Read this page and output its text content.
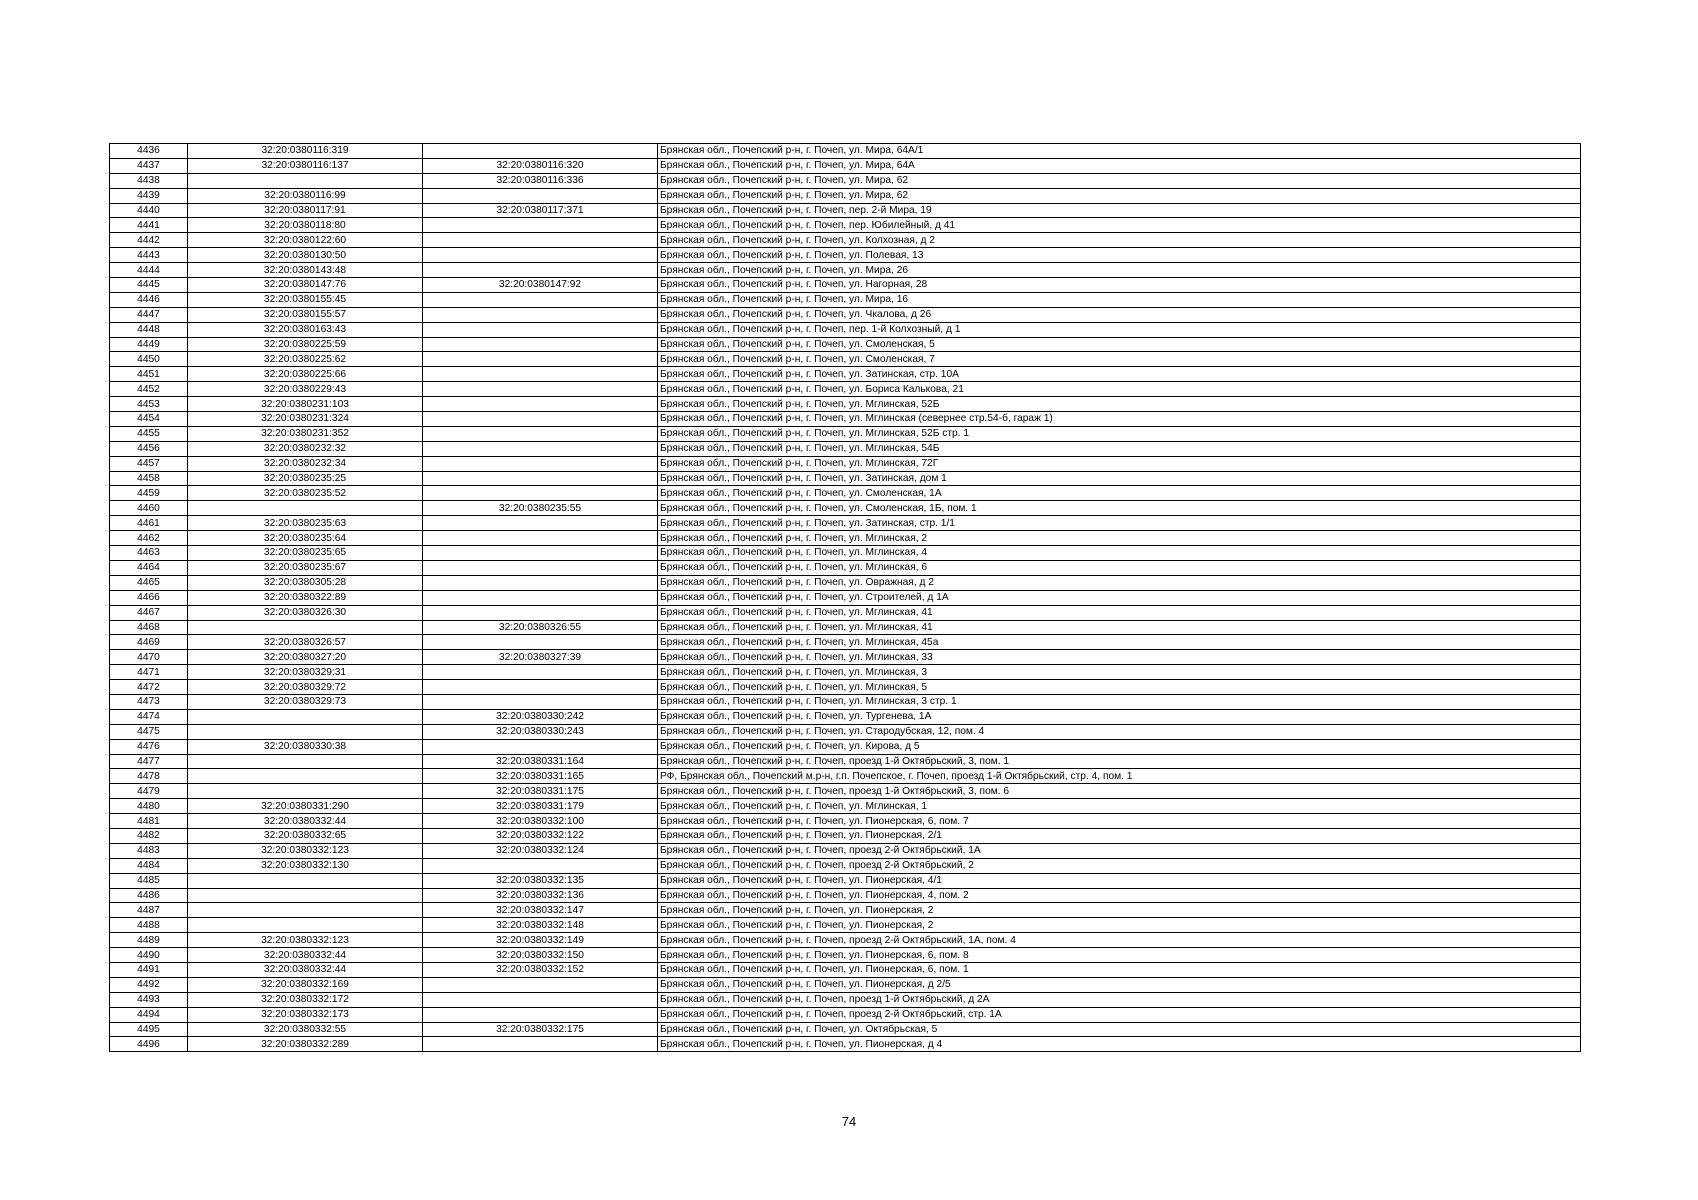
4436	32:20:0380116:319		Брянская обл., Почепский р-н, г. Почеп, ул. Мира, 64А/1
4437	32:20:0380116:137	32:20:0380116:320	Брянская обл., Почепский р-н, г. Почеп, ул. Мира, 64А
4438		32:20:0380116:336	Брянская обл., Почепский р-н, г. Почеп, ул. Мира, 62
4439	32:20:0380116:99		Брянская обл., Почепский р-н, г. Почеп, ул. Мира, 62
4440	32:20:0380117:91	32:20:0380117:371	Брянская обл., Почепский р-н, г. Почеп, пер. 2-й Мира, 19
4441	32:20:0380118:80		Брянская обл., Почепский р-н, г. Почеп, пер. Юбилейный, д 41
4442	32:20:0380122:60		Брянская обл., Почепский р-н, г. Почеп, ул. Колхозная, д 2
4443	32:20:0380130:50		Брянская обл., Почепский р-н, г. Почеп, ул. Полевая, 13
4444	32:20:0380143:48		Брянская обл., Почепский р-н, г. Почеп, ул. Мира, 26
4445	32:20:0380147:76	32:20:0380147:92	Брянская обл., Почепский р-н, г. Почеп, ул. Нагорная, 28
4446	32:20:0380155:45		Брянская обл., Почепский р-н, г. Почеп, ул. Мира, 16
4447	32:20:0380155:57		Брянская обл., Почепский р-н, г. Почеп, ул. Чкалова, д 26
4448	32:20:0380163:43		Брянская обл., Почепский р-н, г. Почеп, пер. 1-й Колхозный, д 1
4449	32:20:0380225:59		Брянская обл., Почепский р-н, г. Почеп, ул. Смоленская, 5
4450	32:20:0380225:62		Брянская обл., Почепский р-н, г. Почеп, ул. Смоленская, 7
4451	32:20:0380225:66		Брянская обл., Почепский р-н, г. Почеп, ул. Затинская, стр. 10А
4452	32:20:0380229:43		Брянская обл., Почепский р-н, г. Почеп, ул. Бориса Калькова, 21
4453	32:20:0380231:103		Брянская обл., Почепский р-н, г. Почеп, ул. Мглинская, 52Б
4454	32:20:0380231:324		Брянская обл., Почепский р-н, г. Почеп, ул. Мглинская (севернее стр.54-б, гараж 1)
4455	32:20:0380231:352		Брянская обл., Почепский р-н, г. Почеп, ул. Мглинская, 52Б стр. 1
4456	32:20:0380232:32		Брянская обл., Почепский р-н, г. Почеп, ул. Мглинская, 54Б
4457	32:20:0380232:34		Брянская обл., Почепский р-н, г. Почеп, ул. Мглинская, 72Г
4458	32:20:0380235:25		Брянская обл., Почепский р-н, г. Почеп, ул. Затинская, дом 1
4459	32:20:0380235:52		Брянская обл., Почепский р-н, г. Почеп, ул. Смоленская, 1А
4460		32:20:0380235:55	Брянская обл., Почепский р-н, г. Почеп, ул. Смоленская, 1Б, пом. 1
4461	32:20:0380235:63		Брянская обл., Почепский р-н, г. Почеп, ул. Затинская, стр. 1/1
4462	32:20:0380235:64		Брянская обл., Почепский р-н, г. Почеп, ул. Мглинская, 2
4463	32:20:0380235:65		Брянская обл., Почепский р-н, г. Почеп, ул. Мглинская, 4
4464	32:20:0380235:67		Брянская обл., Почепский р-н, г. Почеп, ул. Мглинская, 6
4465	32:20:0380305:28		Брянская обл., Почепский р-н, г. Почеп, ул. Овражная, д 2
4466	32:20:0380322:89		Брянская обл., Почепский р-н, г. Почеп, ул. Строителей, д 1А
4467	32:20:0380326:30		Брянская обл., Почепский р-н, г. Почеп, ул. Мглинская, 41
4468		32:20:0380326:55	Брянская обл., Почепский р-н, г. Почеп, ул. Мглинская, 41
4469	32:20:0380326:57		Брянская обл., Почепский р-н, г. Почеп, ул. Мглинская, 45а
4470	32:20:0380327:20	32:20:0380327:39	Брянская обл., Почепский р-н, г. Почеп, ул. Мглинская, 33
4471	32:20:0380329:31		Брянская обл., Почепский р-н, г. Почеп, ул. Мглинская, 3
4472	32:20:0380329:72		Брянская обл., Почепский р-н, г. Почеп, ул. Мглинская, 5
4473	32:20:0380329:73		Брянская обл., Почепский р-н, г. Почеп, ул. Мглинская, 3 стр. 1
4474		32:20:0380330:242	Брянская обл., Почепский р-н, г. Почеп, ул. Тургенева, 1А
4475		32:20:0380330:243	Брянская обл., Почепский р-н, г. Почеп, ул. Стародубская, 12, пом. 4
4476	32:20:0380330:38		Брянская обл., Почепский р-н, г. Почеп, ул. Кирова, д 5
4477		32:20:0380331:164	Брянская обл., Почепский р-н, г. Почеп, проезд 1-й Октябрьский, 3, пом. 1
4478		32:20:0380331:165	РФ, Брянская обл., Почепский м.р-н, г.п. Почепское, г. Почеп, проезд 1-й Октябрьский, стр. 4, пом. 1
4479		32:20:0380331:175	Брянская обл., Почепский р-н, г. Почеп, проезд 1-й Октябрьский, 3, пом. 6
4480	32:20:0380331:290	32:20:0380331:179	Брянская обл., Почепский р-н, г. Почеп, ул. Мглинская, 1
4481	32:20:0380332:44	32:20:0380332:100	Брянская обл., Почепский р-н, г. Почеп, ул. Пионерская, 6, пом. 7
4482	32:20:0380332:65	32:20:0380332:122	Брянская обл., Почепский р-н, г. Почеп, ул. Пионерская, 2/1
4483	32:20:0380332:123	32:20:0380332:124	Брянская обл., Почепский р-н, г. Почеп, проезд 2-й Октябрьский, 1А
4484	32:20:0380332:130		Брянская обл., Почепский р-н, г. Почеп, проезд 2-й Октябрьский, 2
4485		32:20:0380332:135	Брянская обл., Почепский р-н, г. Почеп, ул. Пионерская, 4/1
4486		32:20:0380332:136	Брянская обл., Почепский р-н, г. Почеп, ул. Пионерская, 4, пом. 2
4487		32:20:0380332:147	Брянская обл., Почепский р-н, г. Почеп, ул. Пионерская, 2
4488		32:20:0380332:148	Брянская обл., Почепский р-н, г. Почеп, ул. Пионерская, 2
4489	32:20:0380332:123	32:20:0380332:149	Брянская обл., Почепский р-н, г. Почеп, проезд 2-й Октябрьский, 1А, пом. 4
4490	32:20:0380332:44	32:20:0380332:150	Брянская обл., Почепский р-н, г. Почеп, ул. Пионерская, 6, пом. 8
4491	32:20:0380332:44	32:20:0380332:152	Брянская обл., Почепский р-н, г. Почеп, ул. Пионерская, 6, пом. 1
4492	32:20:0380332:169		Брянская обл., Почепский р-н, г. Почеп, ул. Пионерская, д 2/5
4493	32:20:0380332:172		Брянская обл., Почепский р-н, г. Почеп, проезд 1-й Октябрьский, д 2А
4494	32:20:0380332:173		Брянская обл., Почепский р-н, г. Почеп, проезд 2-й Октябрьский, стр. 1А
4495	32:20:0380332:55	32:20:0380332:175	Брянская обл., Почепский р-н, г. Почеп, ул. Октябрьская, 5
4496	32:20:0380332:289		Брянская обл., Почепский р-н, г. Почеп, ул. Пионерская, д 4
74
